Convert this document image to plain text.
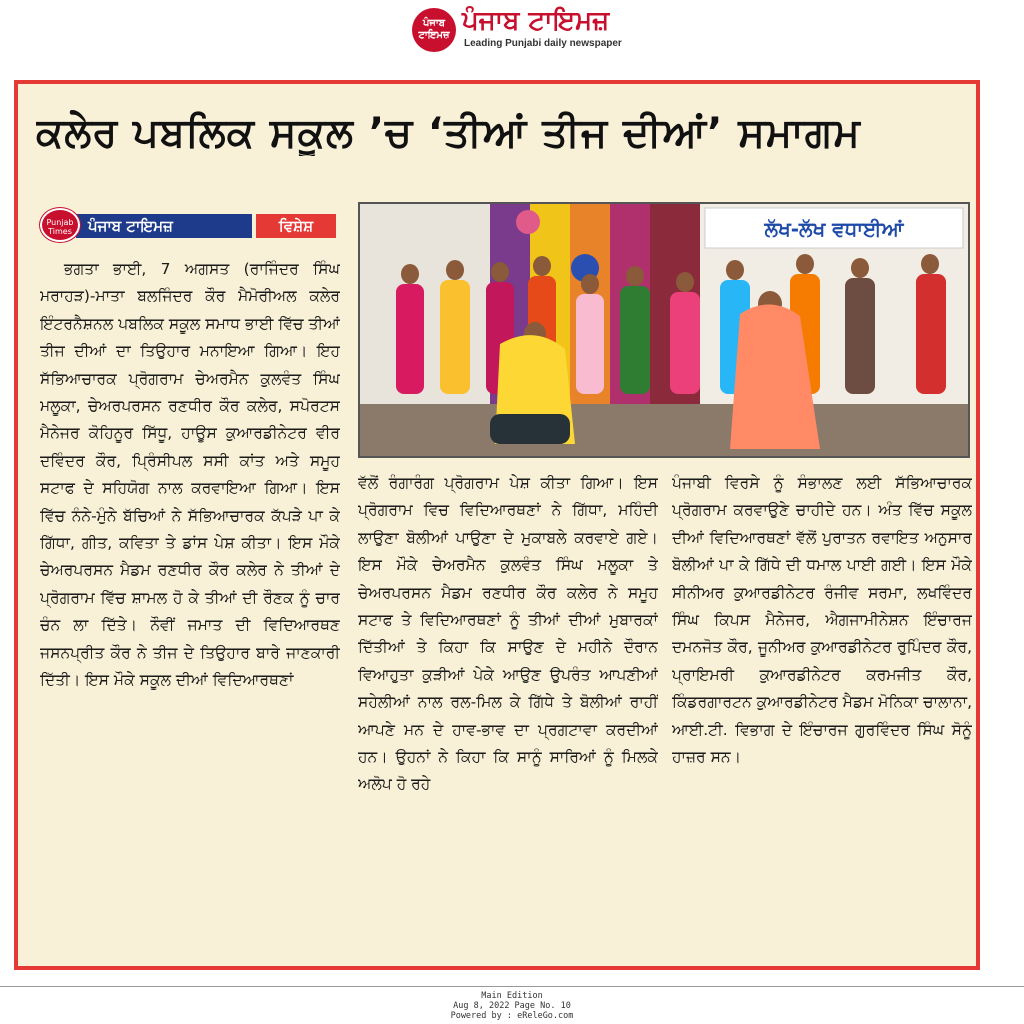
ਪੰਜਾਬ ਟਾਇਮਜ਼ ਪੰਜਾਬ ਟਾਇਮਜ਼
Leading Punjabi daily newspaper
ਕਲੇਰ ਪਬਲਿਕ ਸਕੂਲ ’ਚ ‘ਤੀਆਂ ਤੀਜ ਦੀਆਂ’ ਸਮਾਗਮ
ਪੰਜਾਬ ਟਾਇਮਜ਼	ਵਿਸ਼ੇਸ਼
Punjab Times	ਲੱਖ-ਲੱਖ ਵਧਾਈਆਂ
ਭਗਤਾ ਭਾਈ, 7 ਅਗਸਤ (ਰਾਜਿੰਦਰ ਸਿੰਘ ਮਰਾਹੜ)-ਮਾਤਾ ਬਲਜਿੰਦਰ ਕੌਰ ਮੈਮੋਰੀਅਲ ਕਲੇਰ ਇੰਟਰਨੈਸ਼ਨਲ ਪਬਲਿਕ ਸਕੂਲ ਸਮਾਧ ਭਾਈ ਵਿੱਚ ਤੀਆਂ ਤੀਜ ਦੀਆਂ ਦਾ ਤਿਉਹਾਰ ਮਨਾਇਆ ਗਿਆ। ਇਹ ਸੱਭਿਆਚਾਰਕ ਪ੍ਰੋਗਰਾਮ ਚੇਅਰਮੈਨ ਕੁਲਵੰਤ ਸਿੰਘ ਮਲੂਕਾ, ਚੇਅਰਪਰਸਨ ਰਣਧੀਰ ਕੌਰ ਕਲੇਰ, ਸਪੋਰਟਸ ਮੈਨੇਜਰ ਕੋਹਿਨੂਰ ਸਿੱਧੂ, ਹਾਊਸ ਕੁਆਰਡੀਨੇਟਰ ਵੀਰ ਦਵਿੰਦਰ ਕੌਰ, ਪ੍ਰਿੰਸੀਪਲ ਸਸੀ ਕਾਂਤ ਅਤੇ ਸਮੂਹ ਸਟਾਫ ਦੇ ਸਹਿਯੋਗ ਨਾਲ ਕਰਵਾਇਆ ਗਿਆ। ਇਸ ਵਿੱਚ ਨੰਨੇ-ਮੁੰਨੇ ਬੱਚਿਆਂ ਨੇ ਸੱਭਿਆਚਾਰਕ ਕੱਪੜੇ ਪਾ ਕੇ ਗਿੱਧਾ, ਗੀਤ, ਕਵਿਤਾ ਤੇ ਡਾਂਸ ਪੇਸ਼ ਕੀਤਾ। ਇਸ ਮੌਕੇ ਚੇਅਰਪਰਸਨ ਮੈਡਮ ਰਣਧੀਰ ਕੌਰ ਕਲੇਰ ਨੇ ਤੀਆਂ ਦੇ ਪ੍ਰੋਗਰਾਮ ਵਿੱਚ ਸ਼ਾਮਲ ਹੋ ਕੇ ਤੀਆਂ ਦੀ ਰੌਣਕ ਨੂੰ ਚਾਰ ਚੰਨ ਲਾ ਦਿੱਤੇ। ਨੌਵੀਂ ਜਮਾਤ ਦੀ ਵਿਦਿਆਰਥਣ ਜਸਨਪ੍ਰੀਤ ਕੌਰ ਨੇ ਤੀਜ ਦੇ ਤਿਉਹਾਰ ਬਾਰੇ ਜਾਣਕਾਰੀ ਦਿੱਤੀ। ਇਸ ਮੌਕੇ ਸਕੂਲ ਦੀਆਂ ਵਿਦਿਆਰਥਣਾਂ
ਵੱਲੋਂ ਰੰਗਾਰੰਗ ਪ੍ਰੋਗਰਾਮ ਪੇਸ਼ ਕੀਤਾ ਗਿਆ। ਇਸ ਪ੍ਰੋਗਰਾਮ ਵਿਚ ਵਿਦਿਆਰਥਣਾਂ ਨੇ ਗਿੱਧਾ, ਮਹਿੰਦੀ ਲਾਉਣਾ ਬੋਲੀਆਂ ਪਾਉਣਾ ਦੇ ਮੁਕਾਬਲੇ ਕਰਵਾਏ ਗਏ। ਇਸ ਮੌਕੇ ਚੇਅਰਮੈਨ ਕੁਲਵੰਤ ਸਿੰਘ ਮਲੂਕਾ ਤੇ ਚੇਅਰਪਰਸਨ ਮੈਡਮ ਰਣਧੀਰ ਕੌਰ ਕਲੇਰ ਨੇ ਸਮੂਹ ਸਟਾਫ ਤੇ ਵਿਦਿਆਰਥਣਾਂ ਨੂੰ ਤੀਆਂ ਦੀਆਂ ਮੁਬਾਰਕਾਂ ਦਿੱਤੀਆਂ ਤੇ ਕਿਹਾ ਕਿ ਸਾਉਣ ਦੇ ਮਹੀਨੇ ਦੌਰਾਨ ਵਿਆਹੁਤਾ ਕੁੜੀਆਂ ਪੇਕੇ ਆਉਣ ਉਪਰੰਤ ਆਪਣੀਆਂ ਸਹੇਲੀਆਂ ਨਾਲ ਰਲ-ਮਿਲ ਕੇ ਗਿੱਧੇ ਤੇ ਬੋਲੀਆਂ ਰਾਹੀਂ ਆਪਣੇ ਮਨ ਦੇ ਹਾਵ-ਭਾਵ ਦਾ ਪ੍ਰਗਟਾਵਾ ਕਰਦੀਆਂ ਹਨ। ਉਹਨਾਂ ਨੇ ਕਿਹਾ ਕਿ ਸਾਨੂੰ ਸਾਰਿਆਂ ਨੂੰ ਮਿਲਕੇ ਅਲੋਪ ਹੋ ਰਹੇ
ਪੰਜਾਬੀ ਵਿਰਸੇ ਨੂੰ ਸੰਭਾਲਣ ਲਈ ਸੱਭਿਆਚਾਰਕ ਪ੍ਰੋਗਰਾਮ ਕਰਵਾਉਣੇ ਚਾਹੀਦੇ ਹਨ। ਅੰਤ ਵਿੱਚ ਸਕੂਲ ਦੀਆਂ ਵਿਦਿਆਰਥਣਾਂ ਵੱਲੋਂ ਪੁਰਾਤਨ ਰਵਾਇਤ ਅਨੁਸਾਰ ਬੋਲੀਆਂ ਪਾ ਕੇ ਗਿੱਧੇ ਦੀ ਧਮਾਲ ਪਾਈ ਗਈ। ਇਸ ਮੌਕੇ ਸੀਨੀਅਰ ਕੁਆਰਡੀਨੇਟਰ ਰੰਜੀਵ ਸਰਮਾ, ਲਖਵਿੰਦਰ ਸਿੰਘ ਕਿਪਸ ਮੈਨੇਜਰ, ਐਗਜਾਮੀਨੇਸ਼ਨ ਇੰਚਾਰਜ ਦਮਨਜੋਤ ਕੌਰ, ਜੂਨੀਅਰ ਕੁਆਰਡੀਨੇਟਰ ਰੁਪਿੰਦਰ ਕੌਰ, ਪ੍ਰਾਇਮਰੀ ਕੁਆਰਡੀਨੇਟਰ ਕਰਮਜੀਤ ਕੌਰ, ਕਿੰਡਰਗਾਰਟਨ ਕੁਆਰਡੀਨੇਟਰ ਮੈਡਮ ਮੋਨਿਕਾ ਚਾਲਾਨਾ, ਆਈ.ਟੀ. ਵਿਭਾਗ ਦੇ ਇੰਚਾਰਜ ਗੁਰਵਿੰਦਰ ਸਿੰਘ ਸੋਨੂੰ ਹਾਜ਼ਰ ਸਨ।
Main Edition
Aug 8, 2022 Page No. 10
Powered by : eReleGo.com
